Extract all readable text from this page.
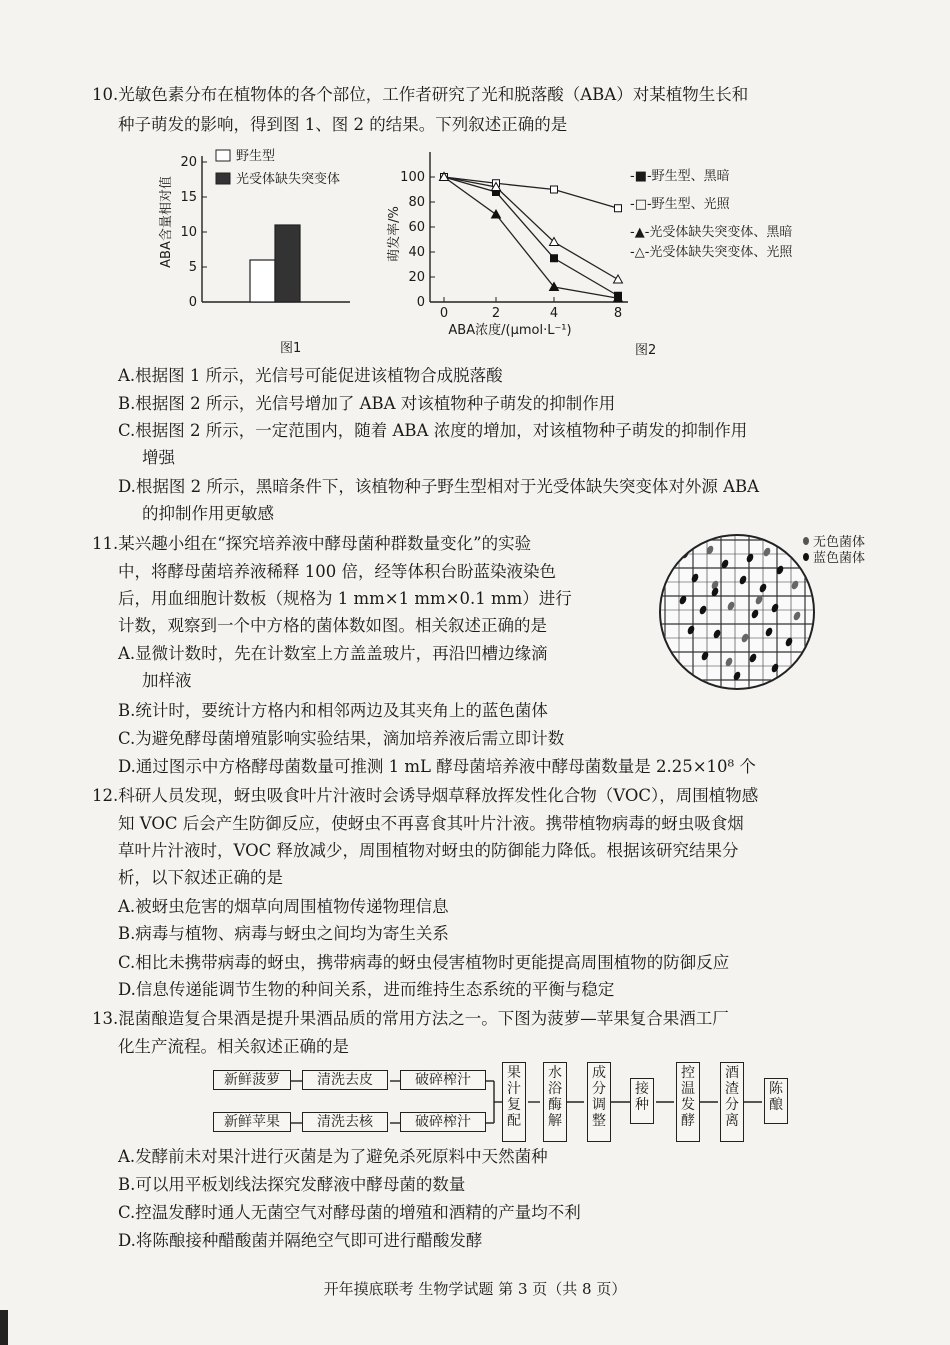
10.光敏色素分布在植物体的各个部位，工作者研究了光和脱落酸（ABA）对某植物生长和
种子萌发的影响，得到图 1、图 2 的结果。下列叙述正确的是
ABA含量相对值
0
5
10
15
20	野生型
光受体缺失突变体
图1
萌发率/%
0
20
40
60
80
100
0	2	4	8
ABA浓度/(μmol·L⁻¹)
图2
-■-野生型、黑暗
-□-野生型、光照
-▲-光受体缺失突变体、黑暗
-△-光受体缺失突变体、光照
A.根据图 1 所示，光信号可能促进该植物合成脱落酸
B.根据图 2 所示，光信号增加了 ABA 对该植物种子萌发的抑制作用
C.根据图 2 所示，一定范围内，随着 ABA 浓度的增加，对该植物种子萌发的抑制作用
增强
D.根据图 2 所示，黑暗条件下，该植物种子野生型相对于光受体缺失突变体对外源 ABA
的抑制作用更敏感
11.某兴趣小组在“探究培养液中酵母菌种群数量变化”的实验
中，将酵母菌培养液稀释 100 倍，经等体积台盼蓝染液染色
后，用血细胞计数板（规格为 1 mm×1 mm×0.1 mm）进行
计数，观察到一个中方格的菌体数如图。相关叙述正确的是
A.显微计数时，先在计数室上方盖盖玻片，再沿凹槽边缘滴
加样液
B.统计时，要统计方格内和相邻两边及其夹角上的蓝色菌体
C.为避免酵母菌增殖影响实验结果，滴加培养液后需立即计数
D.通过图示中方格酵母菌数量可推测 1 mL 酵母菌培养液中酵母菌数量是 2.25×10⁸ 个
无色菌体
蓝色菌体
12.科研人员发现，蚜虫吸食叶片汁液时会诱导烟草释放挥发性化合物（VOC），周围植物感
知 VOC 后会产生防御反应，使蚜虫不再喜食其叶片汁液。携带植物病毒的蚜虫吸食烟
草叶片汁液时，VOC 释放减少，周围植物对蚜虫的防御能力降低。根据该研究结果分
析，以下叙述正确的是
A.被蚜虫危害的烟草向周围植物传递物理信息
B.病毒与植物、病毒与蚜虫之间均为寄生关系
C.相比未携带病毒的蚜虫，携带病毒的蚜虫侵害植物时更能提高周围植物的防御反应
D.信息传递能调节生物的种间关系，进而维持生态系统的平衡与稳定
13.混菌酿造复合果酒是提升果酒品质的常用方法之一。下图为菠萝—苹果复合果酒工厂
化生产流程。相关叙述正确的是
新鲜菠萝	清洗去皮	破碎榨汁
新鲜苹果	清洗去核	破碎榨汁
果汁复配
水浴酶解
成分调整
接种
控温发酵
酒渣分离
陈酿
A.发酵前未对果汁进行灭菌是为了避免杀死原料中天然菌种
B.可以用平板划线法探究发酵液中酵母菌的数量
C.控温发酵时通人无菌空气对酵母菌的增殖和酒精的产量均不利
D.将陈酿接种醋酸菌并隔绝空气即可进行醋酸发酵
开年摸底联考 生物学试题 第 3 页（共 8 页）
